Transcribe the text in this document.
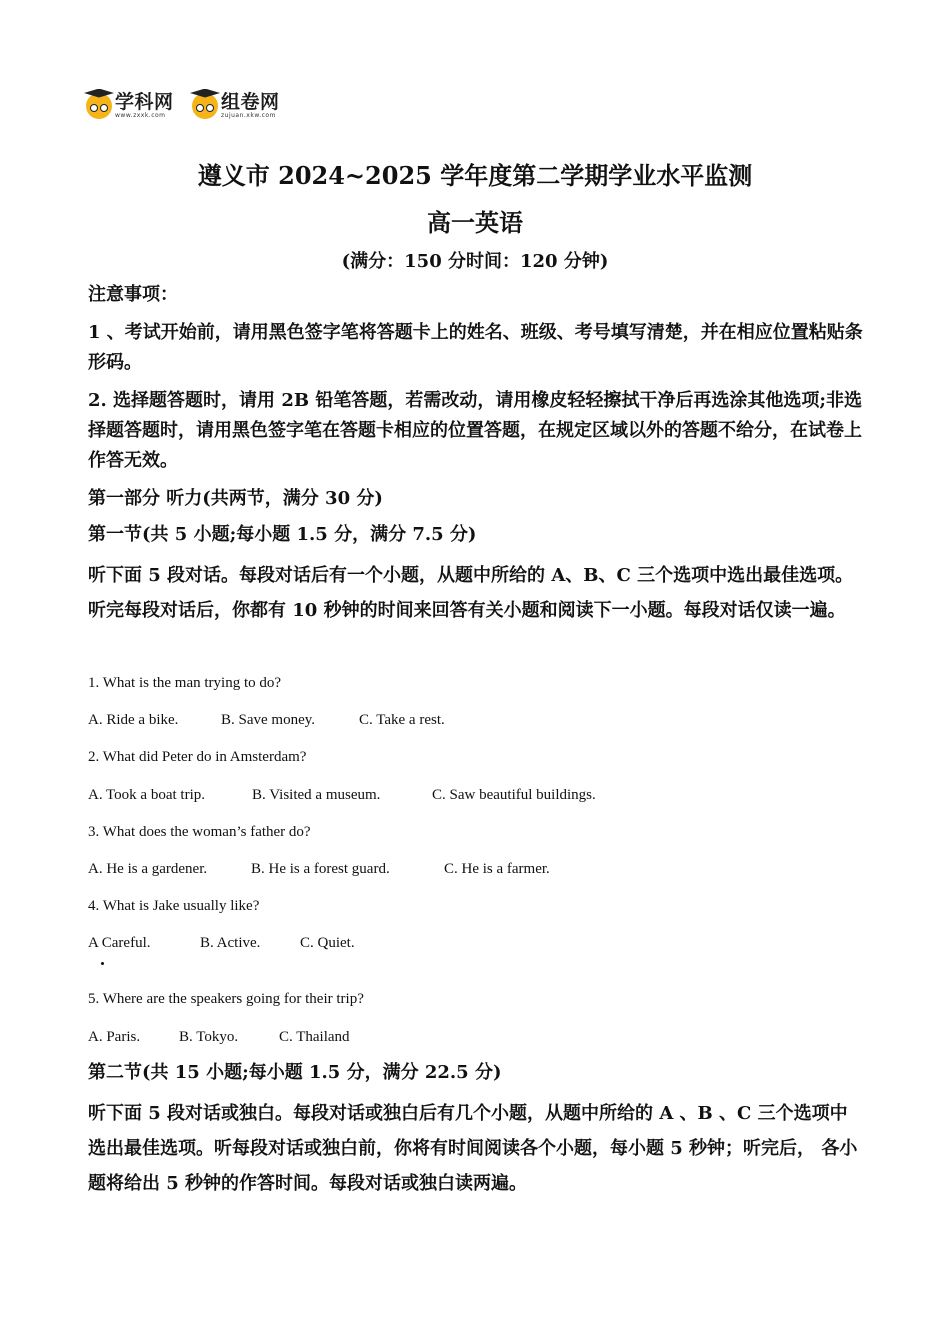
学科网
www.zxxk.com
组卷网
zujuan.xkw.com
遵义市 2024~2025 学年度第二学期学业水平监测
高一英语
(满分：150 分时间：120 分钟)
注意事项：
1 、考试开始前，请用黑色签字笔将答题卡上的姓名、班级、考号填写清楚，并在相应位置粘贴条形码。
2. 选择题答题时，请用 2B 铅笔答题，若需改动，请用橡皮轻轻擦拭干净后再选涂其他选项;非选择题答题时，请用黑色签字笔在答题卡相应的位置答题，在规定区域以外的答题不给分，在试卷上作答无效。
第一部分 听力(共两节，满分 30 分)
第一节(共 5 小题;每小题 1.5 分，满分 7.5 分)
听下面 5 段对话。每段对话后有一个小题，从题中所给的 A、B、C 三个选项中选出最佳选项。 听完每段对话后，你都有 10 秒钟的时间来回答有关小题和阅读下一小题。每段对话仅读一遍。
1. What is the man trying to do?
A. Ride a bike.	B. Save money.	C. Take a rest.
2. What did Peter do in Amsterdam?
A. Took a boat trip.	B. Visited a museum.	C. Saw beautiful buildings.
3. What does the woman’s father do?
A. He is a gardener.	B. He is a forest guard.	C. He is a farmer.
4. What is Jake usually like?
A Careful.	B. Active.	C. Quiet.
5. Where are the speakers going for their trip?
A. Paris.	B. Tokyo.	C. Thailand
第二节(共 15 小题;每小题 1.5 分，满分 22.5 分)
听下面 5 段对话或独白。每段对话或独白后有几个小题，从题中所给的 A 、B 、C 三个选项中 选出最佳选项。听每段对话或独白前，你将有时间阅读各个小题，每小题 5 秒钟；听完后， 各小题将给出 5 秒钟的作答时间。每段对话或独白读两遍。
